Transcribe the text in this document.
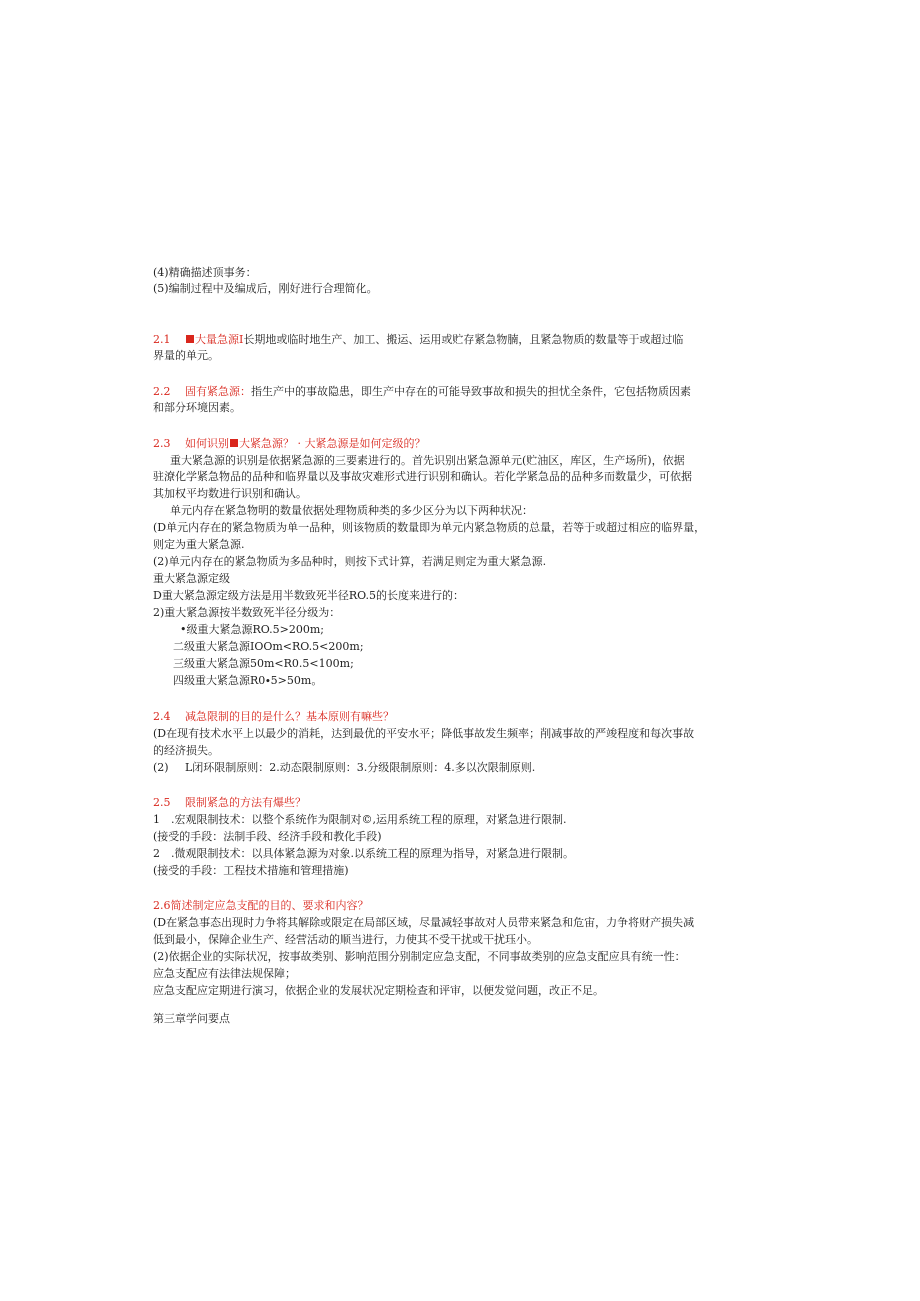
(4)精确描述顶事务：
(5)编制过程中及编成后，刚好进行合理简化。
2.1 大量急源I长期地或临时地生产、加工、搬运、运用或贮存紧急物腩，且紧急物质的数量等于或超过临
界量的单元。
2.2 固有紧急源：指生产中的事故隐患，即生产中存在的可能导致事故和损失的担忧全条件，它包括物质因素
和部分环境因素。
2.3 如何识别 大紧急源？ · 大紧急源是如何定级的？
重大紧急源的识别是依据紧急源的三要素进行的。首先识别出紧急源单元(贮油区，库区，生产场所)，依据
驻潦化学紧急物品的品种和临界量以及事故灾难形式进行识别和确认。若化学紧急品的品种多而数量少，可依据
其加权平均数进行识别和确认。
单元内存在紧急物明的数量依据处理物质种类的多少区分为以下两种状况：
(D单元内存在的紧急物质为单一品种，则该物质的数量即为单元内紧急物质的总量，若等于或超过相应的临界量，
则定为重大紧急源.
(2)单元内存在的紧急物质为多品种时，则按下式计算，若满足则定为重大紧急源.
重大紧急源定级
D重大紧急源定级方法是用半数致死半径RO.5的长度来进行的：
2)重大紧急源按半数致死半径分级为：
•级重大紧急源RO.5>200m;
二级重大紧急源IOOm<RO.5<200m;
三级重大紧急源50m<R0.5<100m;
四级重大紧急源R0∙5>50m。
2.4 减急限制的目的是什么？基本原则有嘛些？
(D在现有技术水平上以最少的消耗，达到最优的平安水平；降低事故发生频率；削减事故的严竣程度和每次事故
的经济损失。
(2) L闭环限制原则：2.动态限制原则：3.分级限制原则：4.多以次限制原则.
2.5 限制紧急的方法有爆些？
1 .宏观限制技术：以整个系统作为限制对©,运用系统工程的原理，对紧急进行限制.
(接受的手段：法制手段、经济手段和教化手段)
2 .微观限制技术：以具体紧急源为对象.以系统工程的原理为指导，对紧急进行限制。
(接受的手段：工程技术措施和管理措施)
2.6简述制定应急支配的目的、要求和内容？
(D在紧急事态出现时力争将其解除或限定在局部区域，尽量减轻事故对人员带来紧急和危宙，力争将财产损失减
低到最小，保障企业生产、经营活动的顺当进行，力使其不受干扰或干扰珏小。
(2)依据企业的实际状况，按事故类别、影响范围分别制定应急支配，不同事故类别的应急支配应具有统一性：
应急支配应有法律法规保障；
应急支配应定期进行演习，依据企业的发展状况定期检查和评审，以便发觉问题，改正不足。
第三章学问要点
